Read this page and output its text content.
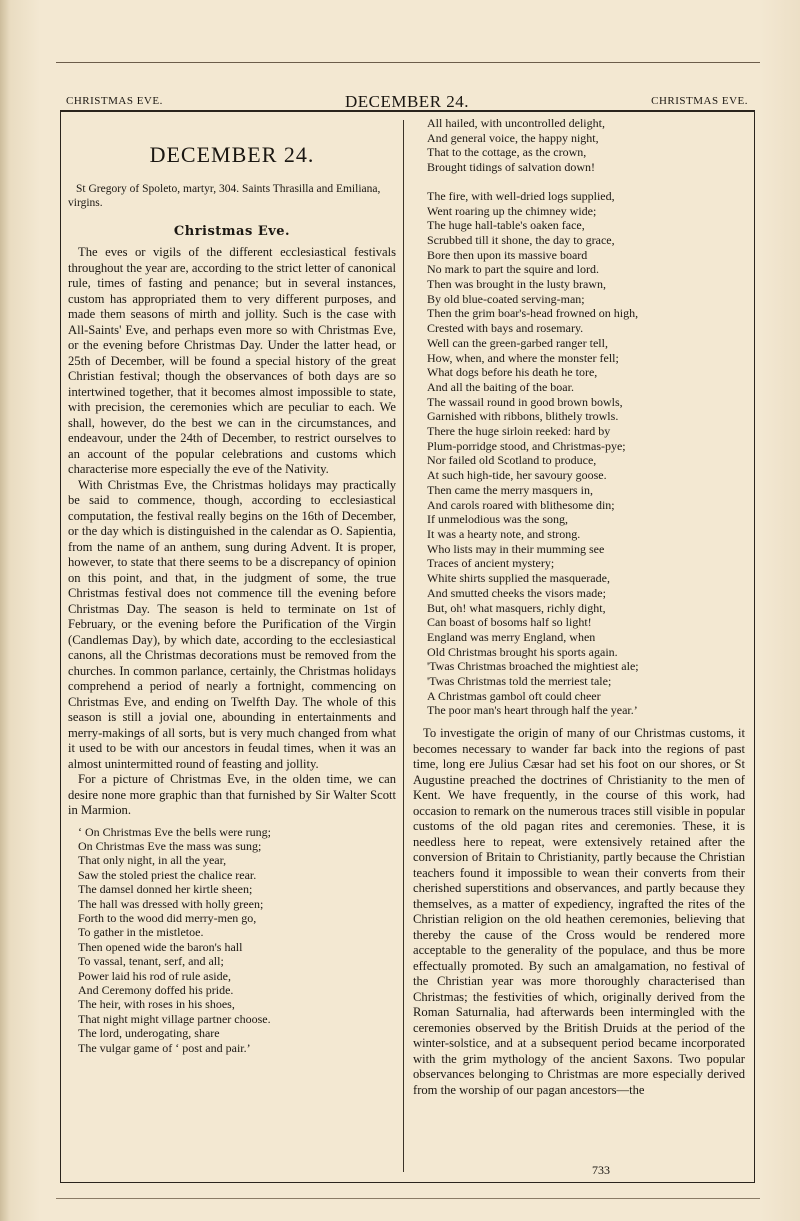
CHRISTMAS EVE.	DECEMBER 24.	CHRISTMAS EVE.
DECEMBER 24.

St Gregory of Spoleto, martyr, 304. Saints Thrasilla and Emiliana, virgins.

Christmas Eve.

The eves or vigils of the different ecclesiastical festivals throughout the year are, according to the strict letter of canonical rule, times of fasting and penance; but in several instances, custom has appropriated them to very different purposes, and made them seasons of mirth and jollity. Such is the case with All-Saints' Eve, and perhaps even more so with Christmas Eve, or the evening before Christmas Day. Under the latter head, or 25th of December, will be found a special history of the great Christian festival; though the observances of both days are so intertwined together, that it becomes almost impossible to state, with precision, the ceremonies which are peculiar to each. We shall, however, do the best we can in the circumstances, and endeavour, under the 24th of December, to restrict ourselves to an account of the popular celebrations and customs which characterise more especially the eve of the Nativity.

With Christmas Eve, the Christmas holidays may practically be said to commence, though, according to ecclesiastical computation, the festival really begins on the 16th of December, or the day which is distinguished in the calendar as O. Sapientia, from the name of an anthem, sung during Advent. It is proper, however, to state that there seems to be a discrepancy of opinion on this point, and that, in the judgment of some, the true Christmas festival does not commence till the evening before Christmas Day. The season is held to terminate on 1st of February, or the evening before the Purification of the Virgin (Candlemas Day), by which date, according to the ecclesiastical canons, all the Christmas decorations must be removed from the churches. In common parlance, certainly, the Christmas holidays comprehend a period of nearly a fortnight, commencing on Christmas Eve, and ending on Twelfth Day. The whole of this season is still a jovial one, abounding in entertainments and merry-makings of all sorts, but is very much changed from what it used to be with our ancestors in feudal times, when it was an almost unintermitted round of feasting and jollity.

For a picture of Christmas Eve, in the olden time, we can desire none more graphic than that furnished by Sir Walter Scott in Marmion.

‘ On Christmas Eve the bells were rung;
On Christmas Eve the mass was sung;
That only night, in all the year,
Saw the stoled priest the chalice rear.
The damsel donned her kirtle sheen;
The hall was dressed with holly green;
Forth to the wood did merry-men go,
To gather in the mistletoe.
Then opened wide the baron's hall
To vassal, tenant, serf, and all;
Power laid his rod of rule aside,
And Ceremony doffed his pride.
The heir, with roses in his shoes,
That night might village partner choose.
The lord, underogating, share
The vulgar game of ‘ post and pair.’
All hailed, with uncontrolled delight,
And general voice, the happy night,
That to the cottage, as the crown,
Brought tidings of salvation down!
The fire, with well-dried logs supplied,
Went roaring up the chimney wide;
The huge hall-table's oaken face,
Scrubbed till it shone, the day to grace,
Bore then upon its massive board
No mark to part the squire and lord.
Then was brought in the lusty brawn,
By old blue-coated serving-man;
Then the grim boar's-head frowned on high,
Crested with bays and rosemary.
Well can the green-garbed ranger tell,
How, when, and where the monster fell;
What dogs before his death he tore,
And all the baiting of the boar.
The wassail round in good brown bowls,
Garnished with ribbons, blithely trowls.
There the huge sirloin reeked: hard by
Plum-porridge stood, and Christmas-pye;
Nor failed old Scotland to produce,
At such high-tide, her savoury goose.
Then came the merry masquers in,
And carols roared with blithesome din;
If unmelodious was the song,
It was a hearty note, and strong.
Who lists may in their mumming see
Traces of ancient mystery;
White shirts supplied the masquerade,
And smutted cheeks the visors made;
But, oh! what masquers, richly dight,
Can boast of bosoms half so light!
England was merry England, when
Old Christmas brought his sports again.
'Twas Christmas broached the mightiest ale;
'Twas Christmas told the merriest tale;
A Christmas gambol oft could cheer
The poor man's heart through half the year.’

To investigate the origin of many of our Christmas customs, it becomes necessary to wander far back into the regions of past time, long ere Julius Cæsar had set his foot on our shores, or St Augustine preached the doctrines of Christianity to the men of Kent. We have frequently, in the course of this work, had occasion to remark on the numerous traces still visible in popular customs of the old pagan rites and ceremonies. These, it is needless here to repeat, were extensively retained after the conversion of Britain to Christianity, partly because the Christian teachers found it impossible to wean their converts from their cherished superstitions and observances, and partly because they themselves, as a matter of expediency, ingrafted the rites of the Christian religion on the old heathen ceremonies, believing that thereby the cause of the Cross would be rendered more acceptable to the generality of the populace, and thus be more effectually promoted. By such an amalgamation, no festival of the Christian year was more thoroughly characterised than Christmas; the festivities of which, originally derived from the Roman Saturnalia, had afterwards been intermingled with the ceremonies observed by the British Druids at the period of the winter-solstice, and at a subsequent period became incorporated with the grim mythology of the ancient Saxons. Two popular observances belonging to Christmas are more especially derived from the worship of our pagan ancestors—the

733
